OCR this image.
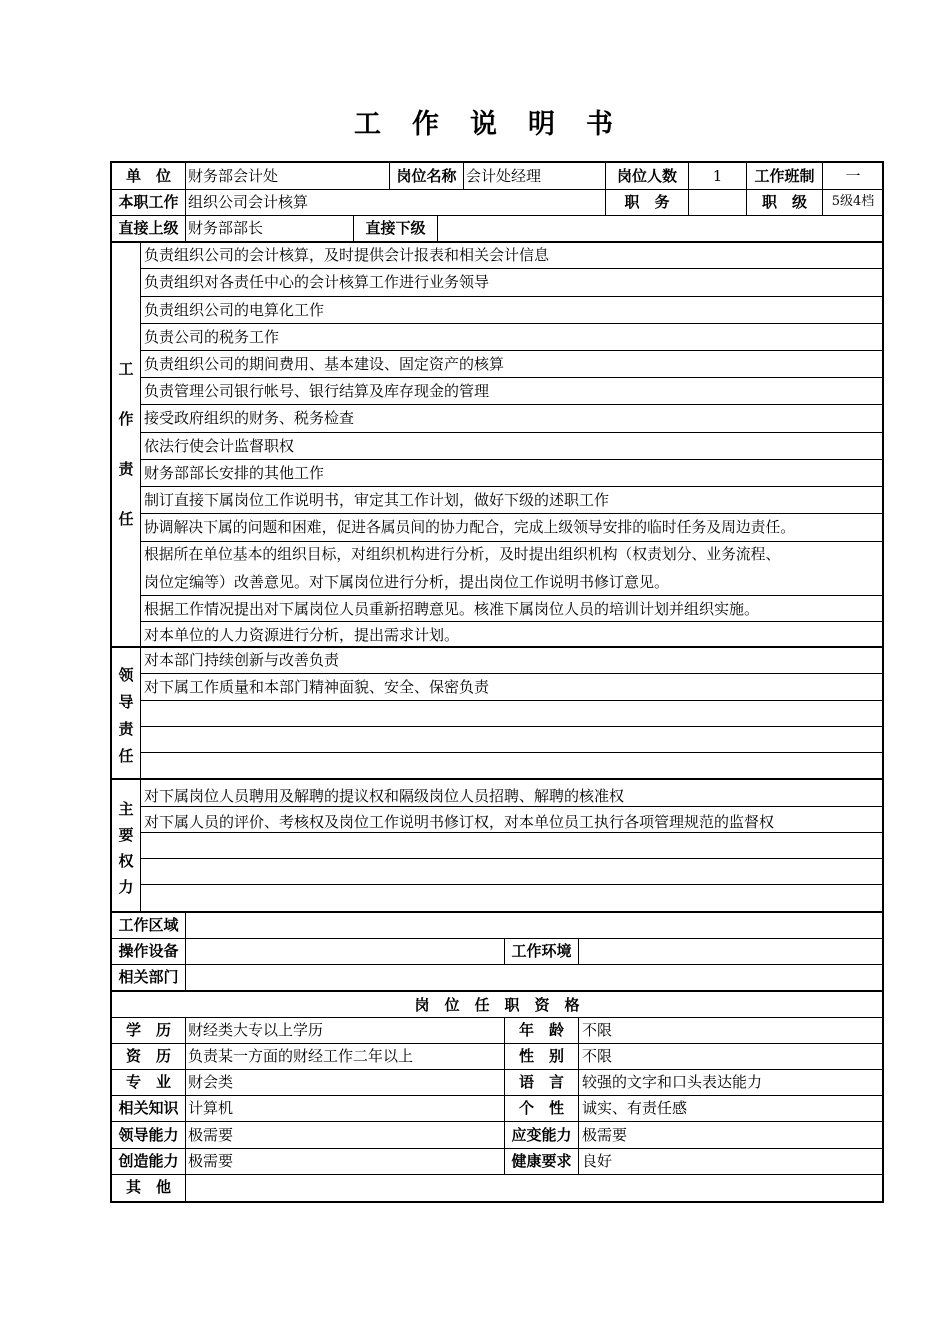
工作说明书
单　位	财务部会计处	岗位名称 会计处经理	岗位人数	1	工作班制	一
本职工作 组织公司会计核算	职　务	职　级	5级4档
直接上级 财务部部长	直接下级
工
作
责
任
负责组织公司的会计核算，及时提供会计报表和相关会计信息
负责组织对各责任中心的会计核算工作进行业务领导
负责组织公司的电算化工作
负责公司的税务工作
负责组织公司的期间费用、基本建设、固定资产的核算
负责管理公司银行帐号、银行结算及库存现金的管理
接受政府组织的财务、税务检查
依法行使会计监督职权
财务部部长安排的其他工作
制订直接下属岗位工作说明书，审定其工作计划，做好下级的述职工作
协调解决下属的问题和困难，促进各属员间的协力配合，完成上级领导安排的临时任务及周边责任。
根据所在单位基本的组织目标，对组织机构进行分析，及时提出组织机构（权责划分、业务流程、
岗位定编等）改善意见。对下属岗位进行分析，提出岗位工作说明书修订意见。
根据工作情况提出对下属岗位人员重新招聘意见。核准下属岗位人员的培训计划并组织实施。
对本单位的人力资源进行分析，提出需求计划。
领
导
责
任
对本部门持续创新与改善负责
对下属工作质量和本部门精神面貌、安全、保密负责
主
要
权
力
对下属岗位人员聘用及解聘的提议权和隔级岗位人员招聘、解聘的核准权
对下属人员的评价、考核权及岗位工作说明书修订权，对本单位员工执行各项管理规范的监督权
工作区域
操作设备	工作环境
相关部门
岗　位　任　职　资　格
学　历	财经类大专以上学历	年　龄	不限
资　历	负责某一方面的财经工作二年以上	性　别	不限
专　业	财会类	语　言	较强的文字和口头表达能力
相关知识 计算机	个　性	诚实、有责任感
领导能力 极需要	应变能力 极需要
创造能力 极需要	健康要求 良好
其　他
